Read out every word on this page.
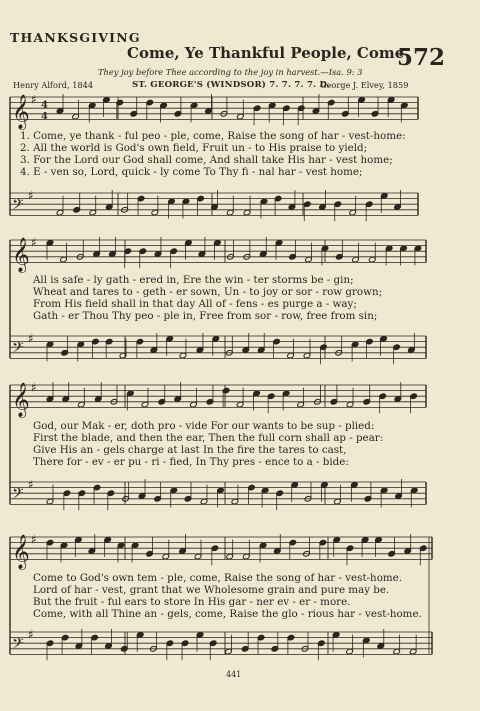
THANKSGIVING
Come, Ye Thankful People, Come
572
They joy before Thee according to the joy in harvest.—Isa. 9: 3
Henry Alford, 1844	ST. GEORGE'S (WINDSOR) 7. 7. 7. 7. D.
George J. Elvey, 1859
𝄞 ♯
𝄢
♯
4
4
𝄞 ♯
𝄢
♯
𝄞 ♯
𝄢
♯
𝄞 ♯
𝄢
♯
1. Come, ye thank - ful peo - ple, come, Raise the song of har - vest-home:
2. All the world is God's own field, Fruit un - to His praise to yield;
3. For the Lord our God shall come, And shall take His har - vest home;
4. E - ven so, Lord, quick - ly come To Thy fi - nal har - vest home;
All is safe - ly gath - ered in, Ere the win - ter storms be - gin;
Wheat and tares to - geth - er sown, Un - to joy or sor - row grown;
From His field shall in that day All of - fens - es purge a - way;
Gath - er Thou Thy peo - ple in, Free from sor - row, free from sin;
God, our Mak - er, doth pro - vide For our wants to be sup - plied:
First the blade, and then the ear, Then the full corn shall ap - pear:
Give His an - gels charge at last In the fire the tares to cast,
There for - ev - er pu - ri - fied, In Thy pres - ence to a - bide:
Come to God's own tem - ple, come, Raise the song of har - vest-home.
Lord of har - vest, grant that we Wholesome grain and pure may be.
But the fruit - ful ears to store In His gar - ner ev - er - more.
Come, with all Thine an - gels, come, Raise the glo - rious har - vest-home.
441
